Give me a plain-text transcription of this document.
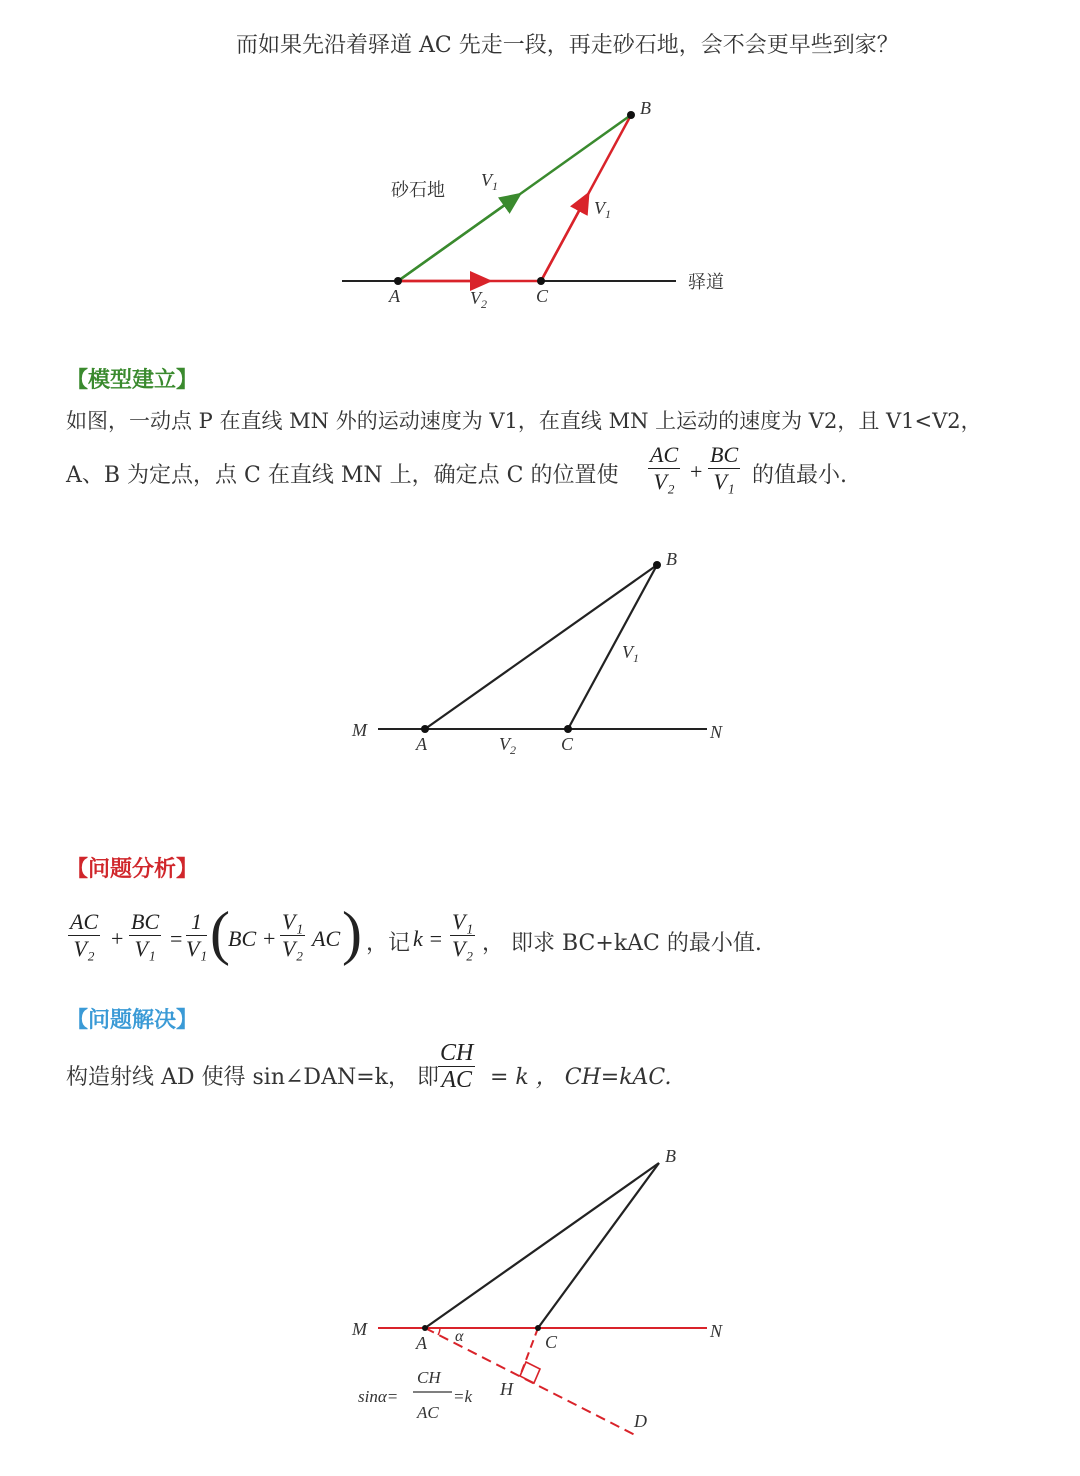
而如果先沿着驿道 AC 先走一段，再走砂石地，会不会更早些到家？
B
A	C
砂石地
驿道
$V_1$
$V_1$
$V_2$
【模型建立】
如图，一动点 P 在直线 MN 外的运动速度为 V1，在直线 MN 上运动的速度为 V2，且 V1<V2，
A、B 为定点，点 C 在直线 MN 上，确定点 C 的位置使 $\frac{AC}{\text{V₂}} + \frac{BC}{\text{V₁}}$ 的值最小.
M	N
A	C
B
$V_1$
$V_2$
【问题分析】
$\frac{AC}{\text{V₂}} + \frac{BC}{\text{V₁}} = \frac{1}{\text{V₁}}$ (
BC + $\frac{\text{V₁}}{\text{V₂}}$ AC ) ，记 $k = \frac{\text{V₁}}{\text{V₂}}$ ， 即求 BC+kAC 的最小值.
【问题解决】
构造射线 AD 使得 sin∠DAN=k， 即 $\frac{CH}{AC} = k$ ， CH=kAC.
M	N
A α	C
B
H
D
sinα=
CH
AC
=k
